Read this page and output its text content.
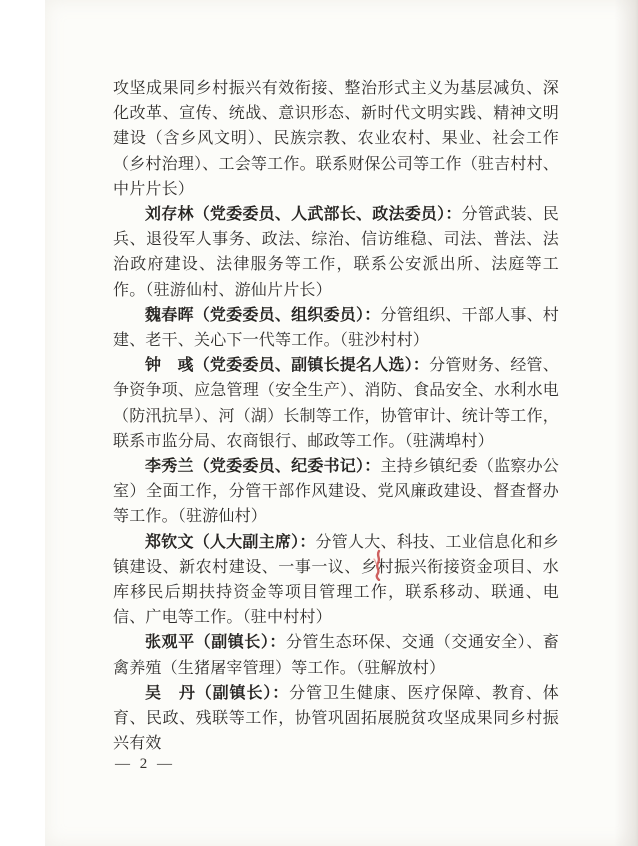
攻坚成果同乡村振兴有效衔接、整治形式主义为基层减负、深化改革、宣传、统战、意识形态、新时代文明实践、精神文明建设（含乡风文明）、民族宗教、农业农村、果业、社会工作（乡村治理）、工会等工作。联系财保公司等工作（驻吉村村、中片片长）

刘存林（党委委员、人武部长、政法委员）：分管武装、民兵、退役军人事务、政法、综治、信访维稳、司法、普法、法治政府建设、法律服务等工作，联系公安派出所、法庭等工作。（驻游仙村、游仙片片长）

魏春晖（党委委员、组织委员）：分管组织、干部人事、村建、老干、关心下一代等工作。（驻沙村村）

钟　彧（党委委员、副镇长提名人选）：分管财务、经管、争资争项、应急管理（安全生产）、消防、食品安全、水利水电（防汛抗旱）、河（湖）长制等工作，协管审计、统计等工作，联系市监分局、农商银行、邮政等工作。（驻满埠村）

李秀兰（党委委员、纪委书记）：主持乡镇纪委（监察办公室）全面工作，分管干部作风建设、党风廉政建设、督查督办等工作。（驻游仙村）

郑钦文（人大副主席）：分管人大、科技、工业信息化和乡镇建设、新农村建设、一事一议、乡村振兴衔接资金项目、水库移民后期扶持资金等项目管理工作，联系移动、联通、电信、广电等工作。（驻中村村）

张观平（副镇长）：分管生态环保、交通（交通安全）、畜禽养殖（生猪屠宰管理）等工作。（驻解放村）

吴　丹（副镇长）：分管卫生健康、医疗保障、教育、体育、民政、残联等工作，协管巩固拓展脱贫攻坚成果同乡村振兴有效

— 2 —
